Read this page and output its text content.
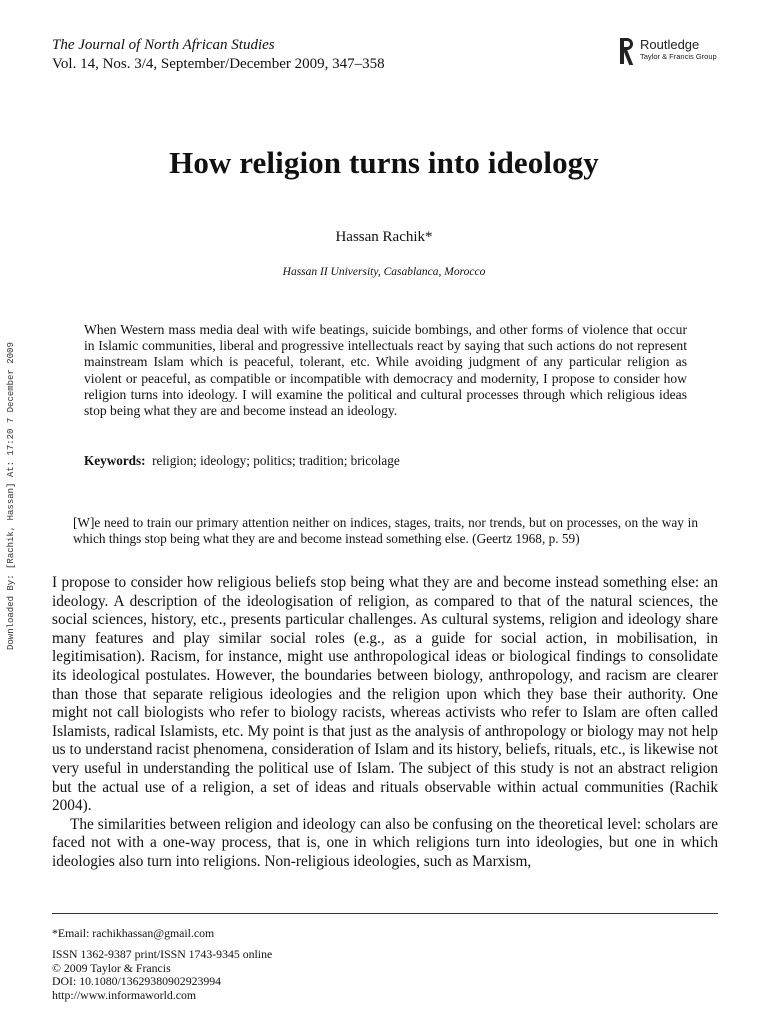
The Journal of North African Studies
Vol. 14, Nos. 3/4, September/December 2009, 347–358
Routledge
Taylor & Francis Group
How religion turns into ideology
Hassan Rachik*
Hassan II University, Casablanca, Morocco
Downloaded By: [Rachik, Hassan] At: 17:20 7 December 2009
When Western mass media deal with wife beatings, suicide bombings, and other forms of violence that occur in Islamic communities, liberal and progressive intellectuals react by saying that such actions do not represent mainstream Islam which is peaceful, tolerant, etc. While avoiding judgment of any particular religion as violent or peaceful, as compatible or incompatible with democracy and modernity, I propose to consider how religion turns into ideology. I will examine the political and cultural processes through which religious ideas stop being what they are and become instead an ideology.
Keywords: religion; ideology; politics; tradition; bricolage
[W]e need to train our primary attention neither on indices, stages, traits, nor trends, but on processes, on the way in which things stop being what they are and become instead something else. (Geertz 1968, p. 59)

I propose to consider how religious beliefs stop being what they are and become instead something else: an ideology. A description of the ideologisation of religion, as compared to that of the natural sciences, the social sciences, history, etc., presents particular challenges. As cultural systems, religion and ideology share many features and play similar social roles (e.g., as a guide for social action, in mobilisation, in legitimisation). Racism, for instance, might use anthropological ideas or biological findings to consolidate its ideological postulates. However, the boundaries between biology, anthropology, and racism are clearer than those that separate religious ideologies and the religion upon which they base their authority. One might not call biologists who refer to biology racists, whereas activists who refer to Islam are often called Islamists, radical Islamists, etc. My point is that just as the analysis of anthropology or biology may not help us to understand racist phenomena, consideration of Islam and its history, beliefs, rituals, etc., is likewise not very useful in understanding the political use of Islam. The subject of this study is not an abstract religion but the actual use of a religion, a set of ideas and rituals observable within actual communities (Rachik 2004).

The similarities between religion and ideology can also be confusing on the theoretical level: scholars are faced not with a one-way process, that is, one in which religions turn into ideologies, but one in which ideologies also turn into religions. Non-religious ideologies, such as Marxism,

*Email: rachikhassan@gmail.com
ISSN 1362-9387 print/ISSN 1743-9345 online
© 2009 Taylor & Francis
DOI: 10.1080/13629380902923994
http://www.informaworld.com
